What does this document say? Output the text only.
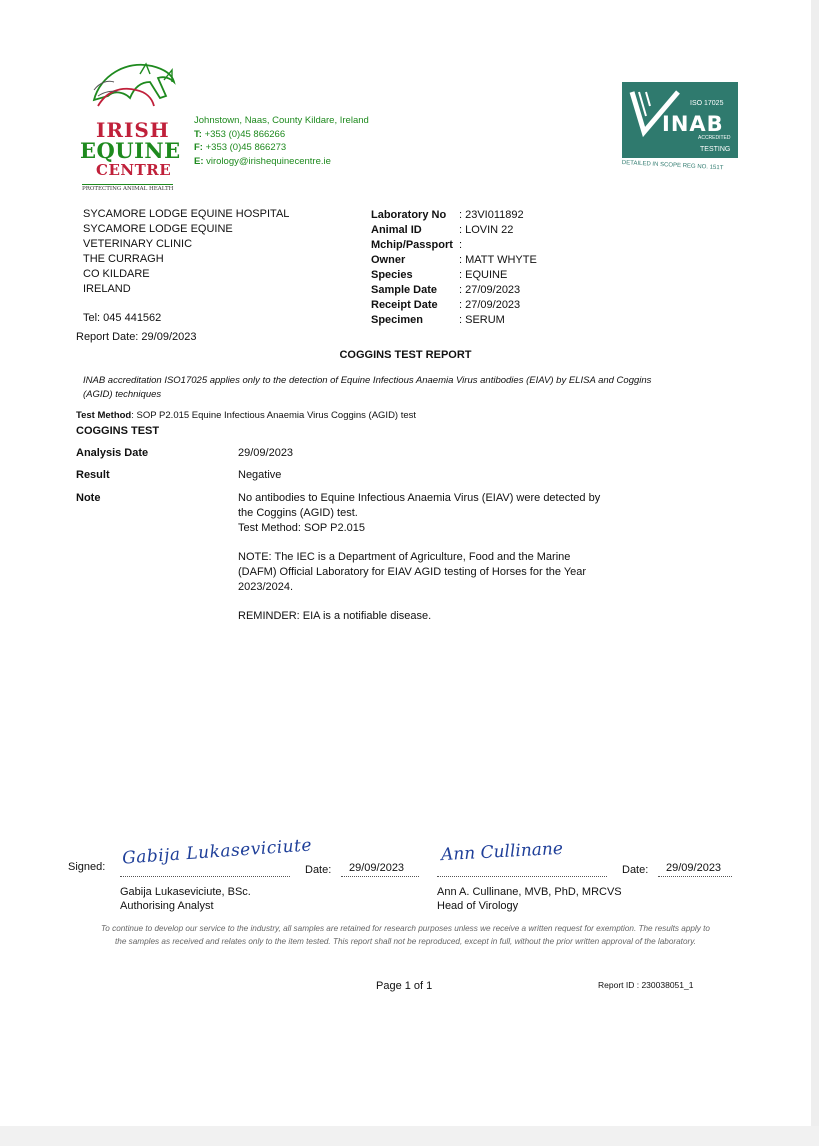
IRISH
EQUINE
CENTRE
PROTECTING ANIMAL HEALTH
Johnstown, Naas, County Kildare, Ireland
T: +353 (0)45 866266
F: +353 (0)45 866273
E: virology@irishequinecentre.ie
ISO 17025
INAB
ACCREDITED
TESTING
DETAILED IN SCOPE REG NO. 151T
SYCAMORE LODGE EQUINE HOSPITAL
SYCAMORE LODGE EQUINE
VETERINARY CLINIC
THE CURRAGH
CO KILDARE
IRELAND
Tel: 045 441562
Report Date: 29/09/2023
Laboratory No : 23VI011892
Animal ID	: LOVIN 22
Mchip/Passport :
Owner	: MATT WHYTE
Species	: EQUINE
Sample Date : 27/09/2023
Receipt Date : 27/09/2023
Specimen	: SERUM
COGGINS TEST REPORT
INAB accreditation ISO17025 applies only to the detection of Equine Infectious Anaemia Virus antibodies (EIAV) by ELISA and Coggins (AGID) techniques
Test Method: SOP P2.015 Equine Infectious Anaemia Virus Coggins (AGID) test
COGGINS TEST
Analysis Date	29/09/2023
Result	Negative
Note	No antibodies to Equine Infectious Anaemia Virus (EIAV) were detected by the Coggins (AGID) test.
Test Method: SOP P2.015
NOTE: The IEC is a Department of Agriculture, Food and the Marine (DAFM) Official Laboratory for EIAV AGID testing of Horses for the Year 2023/2024.
REMINDER: EIA is a notifiable disease.
Signed: Gabija Lukaseviciute
Date:	29/09/2023
Ann Cullinane
Date:	29/09/2023
Gabija Lukaseviciute, BSc.
Authorising Analyst
Ann A. Cullinane, MVB, PhD, MRCVS
Head of Virology
To continue to develop our service to the industry, all samples are retained for research purposes unless we receive a written request for exemption. The results apply to the samples as received and relates only to the item tested. This report shall not be reproduced, except in full, without the prior written approval of the laboratory.
Page 1 of 1	Report ID : 230038051_1
